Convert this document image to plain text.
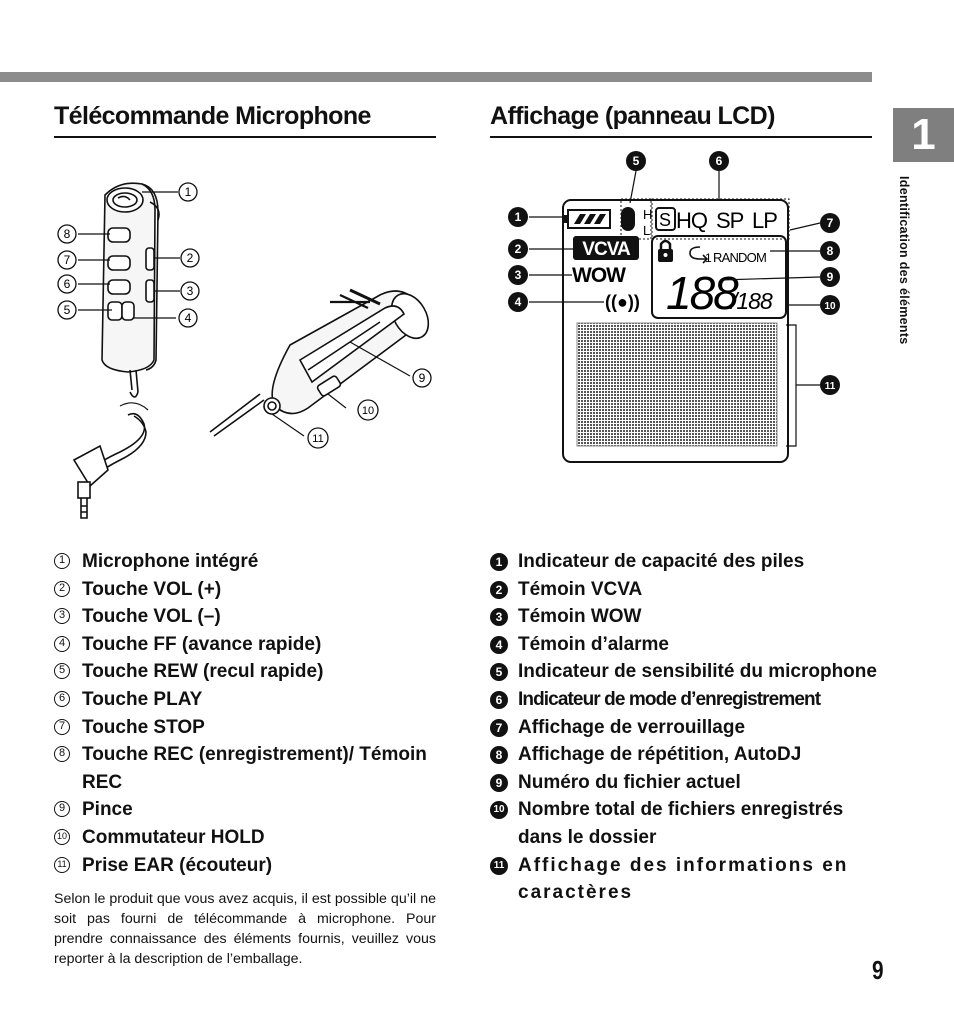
1
Identification des éléments
9
Télécommande Microphone	Affichage (panneau LCD)
1
2
3
4
5
6
7
8
9
10
11
H
L
S HQ SP LP
VCVA
WOW
((●))
1 RANDOM
188
/188
1
2
3
4
5	6
7
8
9
10
11
1 Microphone intégré
2 Touche VOL (+)
3 Touche VOL (–)
4 Touche FF (avance rapide)
5 Touche REW (recul rapide)
6 Touche PLAY
7 Touche STOP
8 Touche REC (enregistrement)/ Témoin REC
9 Pince
10 Commutateur HOLD
11 Prise EAR (écouteur)

Selon le produit que vous avez acquis, il est possible qu’il ne soit pas fourni de télécommande à microphone. Pour prendre connaissance des éléments fournis, veuillez vous reporter à la description de l’emballage.

1 Indicateur de capacité des piles
2 Témoin VCVA
3 Témoin WOW
4 Témoin d’alarme
5 Indicateur de sensibilité du microphone
6 Indicateur de mode d’enregistrement
7 Affichage de verrouillage
8 Affichage de répétition, AutoDJ
9 Numéro du fichier actuel
10 Nombre total de fichiers enregistrés dans le dossier
11 Affichage des informations en caractères
